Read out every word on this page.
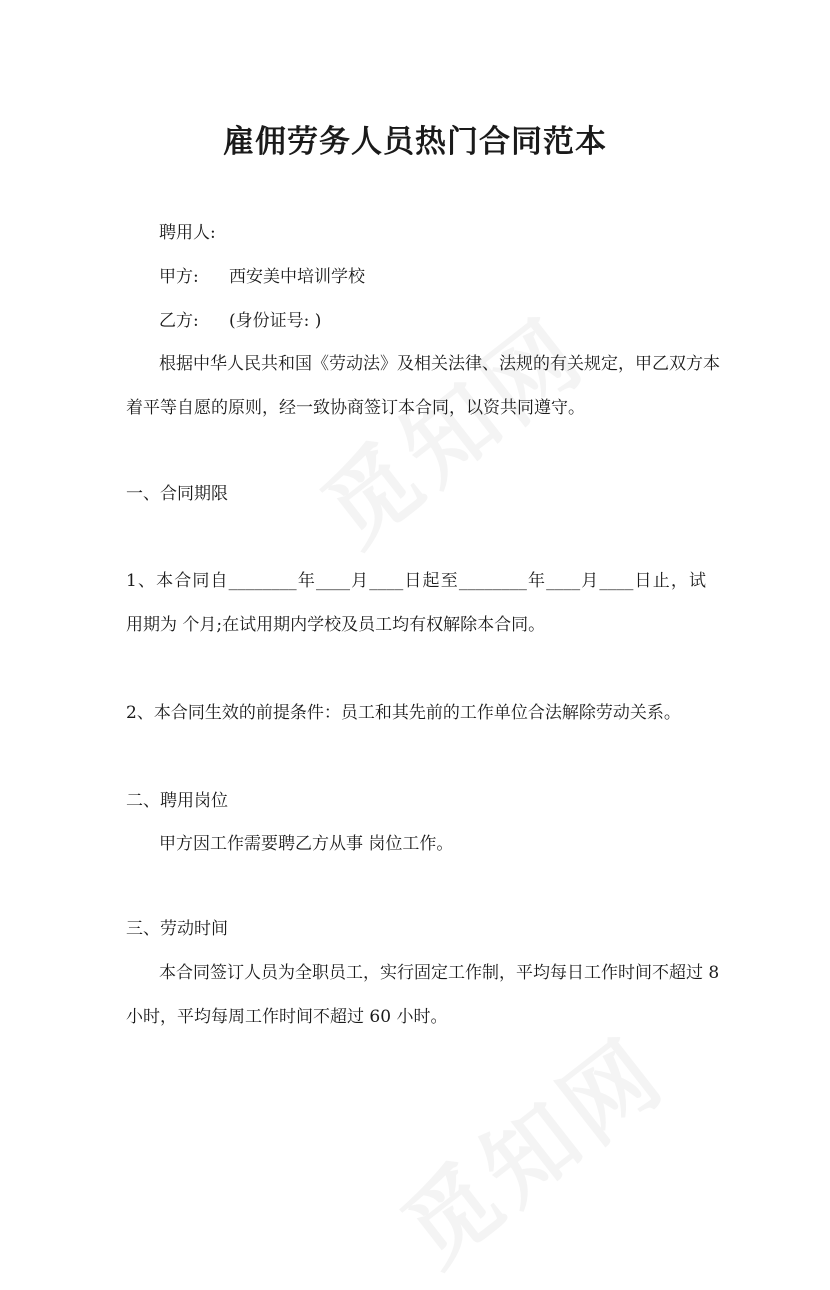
雇佣劳务人员热门合同范本
聘用人:
甲方: 西安美中培训学校
乙方: (身份证号: )
根据中华人民共和国《劳动法》及相关法律、法规的有关规定，甲乙双方本
着平等自愿的原则，经一致协商签订本合同，以资共同遵守。
一、合同期限
1、本合同自________年____月____日起至________年____月____日止，试
用期为 个月;在试用期内学校及员工均有权解除本合同。
2、本合同生效的前提条件：员工和其先前的工作单位合法解除劳动关系。
二、聘用岗位
甲方因工作需要聘乙方从事 岗位工作。
三、劳动时间
本合同签订人员为全职员工，实行固定工作制，平均每日工作时间不超过 8
小时，平均每周工作时间不超过 60 小时。
